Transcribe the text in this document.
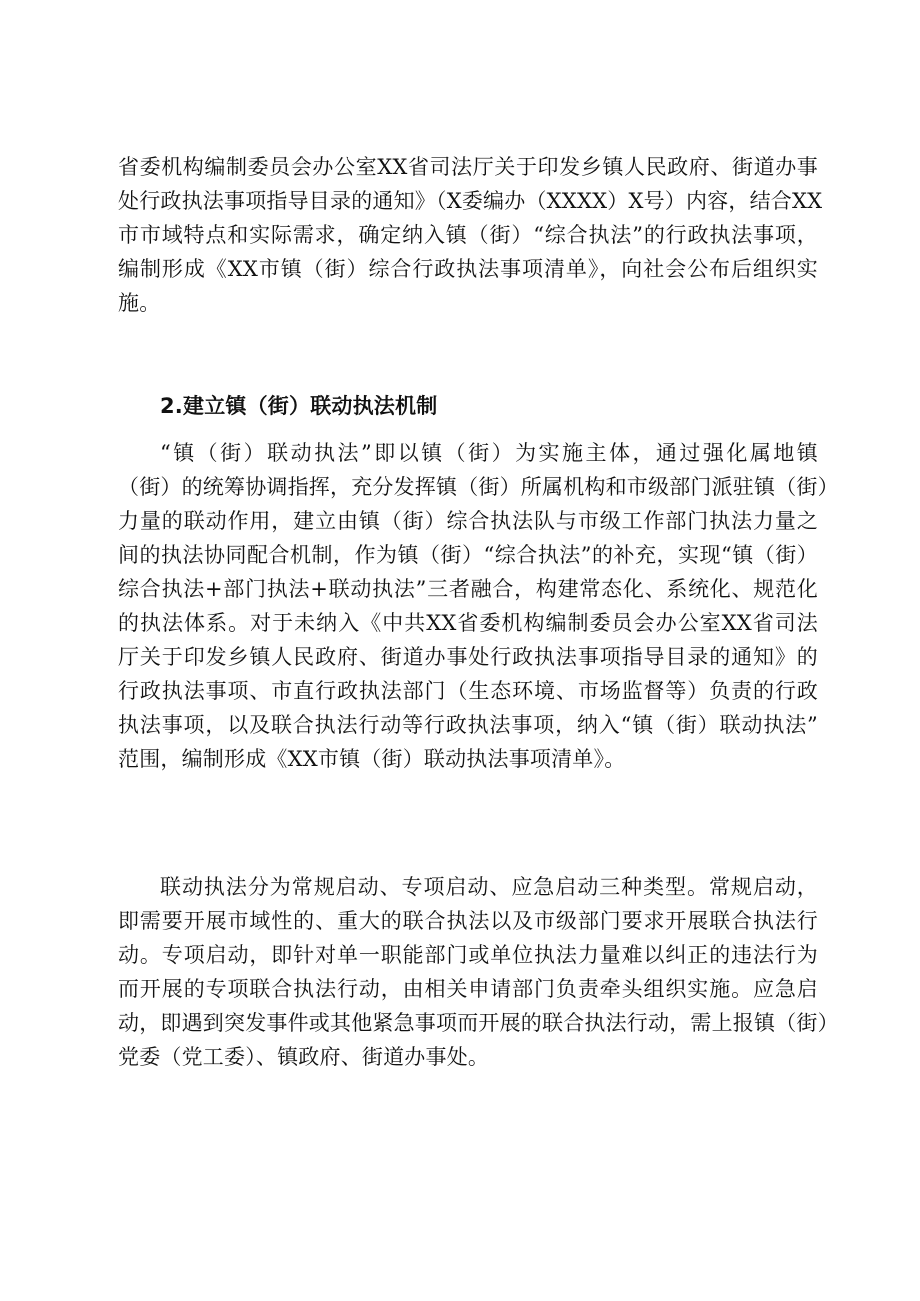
省委机构编制委员会办公室XX省司法厅关于印发乡镇人民政府、街道办事
处行政执法事项指导目录的通知》（X委编办（XXXX）X号）内容，结合XX
市市域特点和实际需求，确定纳入镇（街）“综合执法”的行政执法事项，
编制形成《XX市镇（街）综合行政执法事项清单》，向社会公布后组织实
施。
2.建立镇（街）联动执法机制
“镇（街）联动执法”即以镇（街）为实施主体，通过强化属地镇
（街）的统筹协调指挥，充分发挥镇（街）所属机构和市级部门派驻镇（街）
力量的联动作用，建立由镇（街）综合执法队与市级工作部门执法力量之
间的执法协同配合机制，作为镇（街）“综合执法”的补充，实现“镇（街）
综合执法+部门执法+联动执法”三者融合，构建常态化、系统化、规范化
的执法体系。对于未纳入《中共XX省委机构编制委员会办公室XX省司法
厅关于印发乡镇人民政府、街道办事处行政执法事项指导目录的通知》的
行政执法事项、市直行政执法部门（生态环境、市场监督等）负责的行政
执法事项，以及联合执法行动等行政执法事项，纳入“镇（街）联动执法”
范围，编制形成《XX市镇（街）联动执法事项清单》。
联动执法分为常规启动、专项启动、应急启动三种类型。常规启动，
即需要开展市域性的、重大的联合执法以及市级部门要求开展联合执法行
动。专项启动，即针对单一职能部门或单位执法力量难以纠正的违法行为
而开展的专项联合执法行动，由相关申请部门负责牵头组织实施。应急启
动，即遇到突发事件或其他紧急事项而开展的联合执法行动，需上报镇（街）
党委（党工委）、镇政府、街道办事处。
